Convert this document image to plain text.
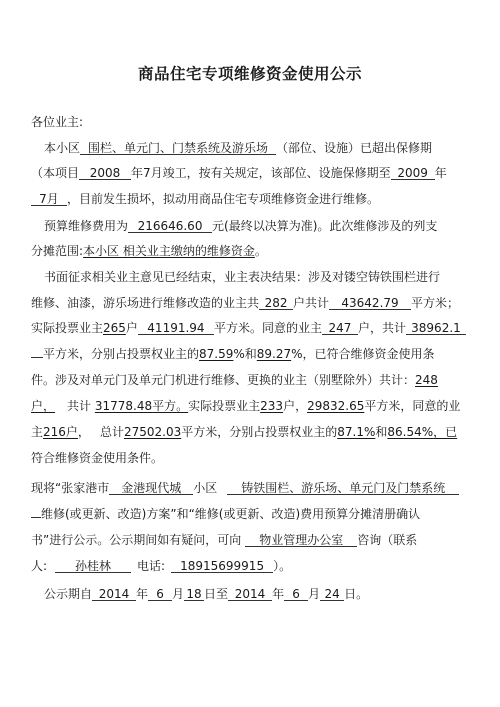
商品住宅专项维修资金使用公示
各位业主:
本小区 围栏、单元门、门禁系统及游乐场 （部位、设施）已超出保修期
（本项目 2008 年7月竣工，按有关规定，该部位、设施保修期至 2009 年
7月 ，目前发生损坏，拟动用商品住宅专项维修资金进行维修。
预算维修费用为 216646.60 元(最终以决算为准)。此次维修涉及的列支
分摊范围:本小区 相关业主缴纳的维修资金。
书面征求相关业主意见已经结束，业主表决结果：涉及对镂空铸铁围栏进行
维修、油漆，游乐场进行维修改造的业主共 282 户共计 43642.79 平方米；
实际投票业主265户 41191.94 平方米。同意的业主 247 户，共计 38962.1
平方米，分别占投票权业主的87.59%和89.27%，已符合维修资金使用条
件。涉及对单元门及单元门机进行维修、更换的业主（别墅除外）共计：248
户， 共计 31778.48平方。实际投票业主233户，29832.65平方米，同意的业
主216户， 总计27502.03平方米，分别占投票权业主的87.1%和86.54%，已
符合维修资金使用条件。
现将“张家港市 金港现代城 小区 铸铁围栏、游乐场、单元门及门禁系统
维修(或更新、改造)方案”和“维修(或更新、改造)费用预算分摊清册确认
书”进行公示。公示期间如有疑问，可向 物业管理办公室 咨询（联系
人: 孙桂林 电话: 18915699915 ）。
公示期自 2014 年 6 月 18 日至 2014 年 6 月 24 日。
